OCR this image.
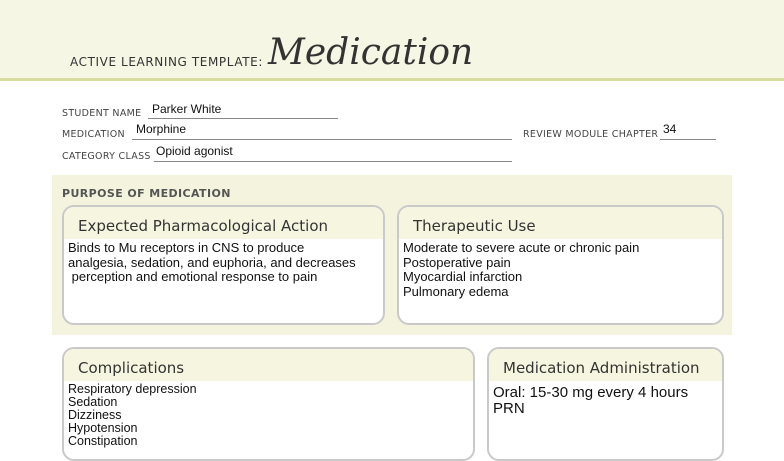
ACTIVE LEARNING TEMPLATE: Medication
STUDENT NAME Parker White
MEDICATION Morphine	REVIEW MODULE CHAPTER 34
CATEGORY CLASS Opioid agonist
PURPOSE OF MEDICATION
Expected Pharmacological Action
Binds to Mu receptors in CNS to produce
analgesia, sedation, and euphoria, and decreases
perception and emotional response to pain
Therapeutic Use
Moderate to severe acute or chronic pain
Postoperative pain
Myocardial infarction
Pulmonary edema
Complications
Respiratory depression
Sedation
Dizziness
Hypotension
Constipation
Medication Administration
Oral: 15-30 mg every 4 hours
PRN
